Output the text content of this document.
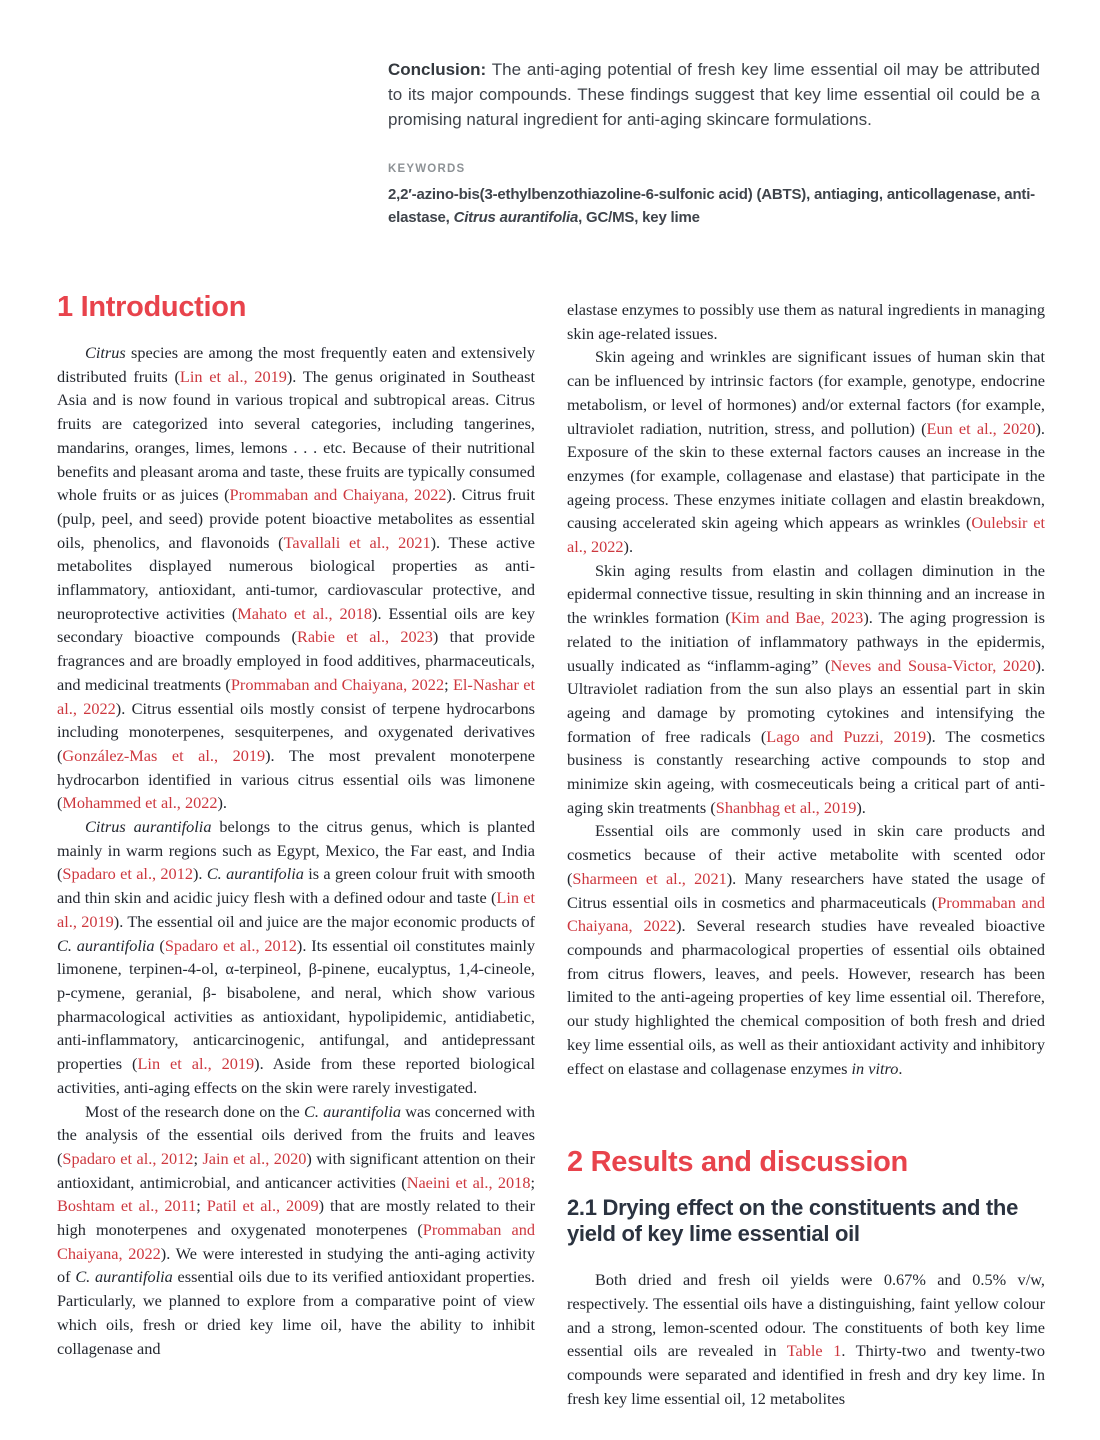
Conclusion: The anti-aging potential of fresh key lime essential oil may be attributed to its major compounds. These findings suggest that key lime essential oil could be a promising natural ingredient for anti-aging skincare formulations.

KEYWORDS

2,2′-azino-bis(3-ethylbenzothiazoline-6-sulfonic acid) (ABTS), antiaging, anticollagenase, anti-elastase, Citrus aurantifolia, GC/MS, key lime

1 Introduction

Citrus species are among the most frequently eaten and extensively distributed fruits (Lin et al., 2019). The genus originated in Southeast Asia and is now found in various tropical and subtropical areas. Citrus fruits are categorized into several categories, including tangerines, mandarins, oranges, limes, lemons . . . etc. Because of their nutritional benefits and pleasant aroma and taste, these fruits are typically consumed whole fruits or as juices (Prommaban and Chaiyana, 2022). Citrus fruit (pulp, peel, and seed) provide potent bioactive metabolites as essential oils, phenolics, and flavonoids (Tavallali et al., 2021). These active metabolites displayed numerous biological properties as anti-inflammatory, antioxidant, anti-tumor, cardiovascular protective, and neuroprotective activities (Mahato et al., 2018). Essential oils are key secondary bioactive compounds (Rabie et al., 2023) that provide fragrances and are broadly employed in food additives, pharmaceuticals, and medicinal treatments (Prommaban and Chaiyana, 2022; El-Nashar et al., 2022). Citrus essential oils mostly consist of terpene hydrocarbons including monoterpenes, sesquiterpenes, and oxygenated derivatives (González-Mas et al., 2019). The most prevalent monoterpene hydrocarbon identified in various citrus essential oils was limonene (Mohammed et al., 2022).

Citrus aurantifolia belongs to the citrus genus, which is planted mainly in warm regions such as Egypt, Mexico, the Far east, and India (Spadaro et al., 2012). C. aurantifolia is a green colour fruit with smooth and thin skin and acidic juicy flesh with a defined odour and taste (Lin et al., 2019). The essential oil and juice are the major economic products of C. aurantifolia (Spadaro et al., 2012). Its essential oil constitutes mainly limonene, terpinen-4-ol, α-terpineol, β-pinene, eucalyptus, 1,4-cineole, p-cymene, geranial, β- bisabolene, and neral, which show various pharmacological activities as antioxidant, hypolipidemic, antidiabetic, anti-inflammatory, anticarcinogenic, antifungal, and antidepressant properties (Lin et al., 2019). Aside from these reported biological activities, anti-aging effects on the skin were rarely investigated.

Most of the research done on the C. aurantifolia was concerned with the analysis of the essential oils derived from the fruits and leaves (Spadaro et al., 2012; Jain et al., 2020) with significant attention on their antioxidant, antimicrobial, and anticancer activities (Naeini et al., 2018; Boshtam et al., 2011; Patil et al., 2009) that are mostly related to their high monoterpenes and oxygenated monoterpenes (Prommaban and Chaiyana, 2022). We were interested in studying the anti-aging activity of C. aurantifolia essential oils due to its verified antioxidant properties. Particularly, we planned to explore from a comparative point of view which oils, fresh or dried key lime oil, have the ability to inhibit collagenase and

elastase enzymes to possibly use them as natural ingredients in managing skin age-related issues.

Skin ageing and wrinkles are significant issues of human skin that can be influenced by intrinsic factors (for example, genotype, endocrine metabolism, or level of hormones) and/or external factors (for example, ultraviolet radiation, nutrition, stress, and pollution) (Eun et al., 2020). Exposure of the skin to these external factors causes an increase in the enzymes (for example, collagenase and elastase) that participate in the ageing process. These enzymes initiate collagen and elastin breakdown, causing accelerated skin ageing which appears as wrinkles (Oulebsir et al., 2022).

Skin aging results from elastin and collagen diminution in the epidermal connective tissue, resulting in skin thinning and an increase in the wrinkles formation (Kim and Bae, 2023). The aging progression is related to the initiation of inflammatory pathways in the epidermis, usually indicated as “inflamm-aging” (Neves and Sousa-Victor, 2020). Ultraviolet radiation from the sun also plays an essential part in skin ageing and damage by promoting cytokines and intensifying the formation of free radicals (Lago and Puzzi, 2019). The cosmetics business is constantly researching active compounds to stop and minimize skin ageing, with cosmeceuticals being a critical part of anti-aging skin treatments (Shanbhag et al., 2019).

Essential oils are commonly used in skin care products and cosmetics because of their active metabolite with scented odor (Sharmeen et al., 2021). Many researchers have stated the usage of Citrus essential oils in cosmetics and pharmaceuticals (Prommaban and Chaiyana, 2022). Several research studies have revealed bioactive compounds and pharmacological properties of essential oils obtained from citrus flowers, leaves, and peels. However, research has been limited to the anti-ageing properties of key lime essential oil. Therefore, our study highlighted the chemical composition of both fresh and dried key lime essential oils, as well as their antioxidant activity and inhibitory effect on elastase and collagenase enzymes in vitro.

2 Results and discussion
2.1 Drying effect on the constituents and the yield of key lime essential oil

Both dried and fresh oil yields were 0.67% and 0.5% v/w, respectively. The essential oils have a distinguishing, faint yellow colour and a strong, lemon-scented odour. The constituents of both key lime essential oils are revealed in Table 1. Thirty-two and twenty-two compounds were separated and identified in fresh and dry key lime. In fresh key lime essential oil, 12 metabolites
